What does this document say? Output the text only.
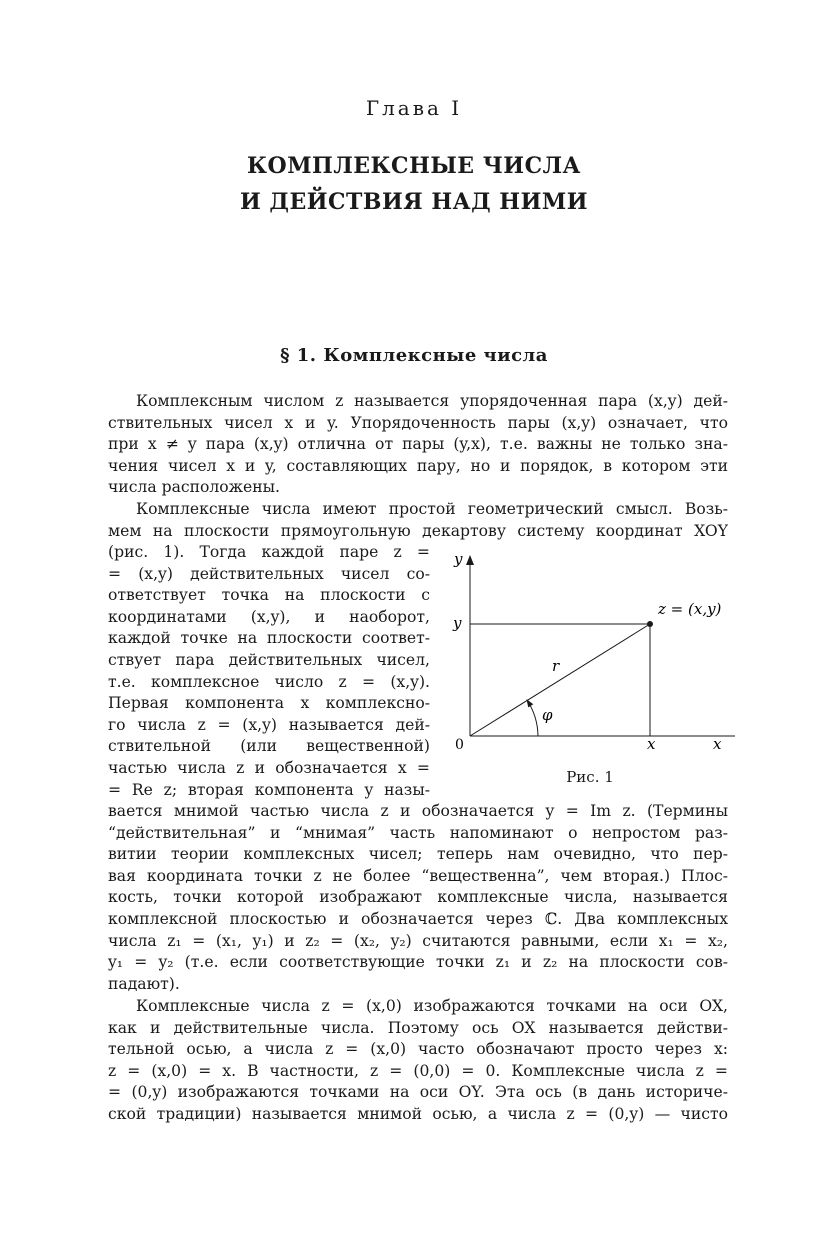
Глава I
КОМПЛЕКСНЫЕ ЧИСЛА
И ДЕЙСТВИЯ НАД НИМИ
§ 1. Комплексные числа
Комплексным числом z называется упорядоченная пара (x,y) дей-
ствительных чисел x и y. Упорядоченность пары (x,y) означает, что
при x ≠ y пара (x,y) отлична от пары (y,x), т.е. важны не только зна-
чения чисел x и y, составляющих пару, но и порядок, в котором эти
числа расположены.
Комплексные числа имеют простой геометрический смысл. Возь-
мем на плоскости прямоугольную декартову систему координат XOY
(рис. 1). Тогда каждой паре z =
= (x,y) действительных чисел со-
ответствует точка на плоскости с
координатами (x,y), и наоборот,
каждой точке на плоскости соответ-
ствует пара действительных чисел,
т.е. комплексное число z = (x,y).
Первая компонента x комплексно-
го числа z = (x,y) называется дей-
ствительной (или вещественной)
частью числа z и обозначается x =
= Re z; вторая компонента y назы-
y
y
0	x	x
z = (x,y)
r
φ
Рис. 1
вается мнимой частью числа z и обозначается y = Im z. (Термины
“действительная” и “мнимая” часть напоминают о непростом раз-
витии теории комплексных чисел; теперь нам очевидно, что пер-
вая координата точки z не более “вещественна”, чем вторая.) Плос-
кость, точки которой изображают комплексные числа, называется
комплексной плоскостью и обозначается через ℂ. Два комплексных
числа z₁ = (x₁, y₁) и z₂ = (x₂, y₂) считаются равными, если x₁ = x₂,
y₁ = y₂ (т.е. если соответствующие точки z₁ и z₂ на плоскости сов-
падают).
Комплексные числа z = (x,0) изображаются точками на оси OX,
как и действительные числа. Поэтому ось OX называется действи-
тельной осью, а числа z = (x,0) часто обозначают просто через x:
z = (x,0) = x. В частности, z = (0,0) = 0. Комплексные числа z =
= (0,y) изображаются точками на оси OY. Эта ось (в дань историче-
ской традиции) называется мнимой осью, а числа z = (0,y) — чисто
